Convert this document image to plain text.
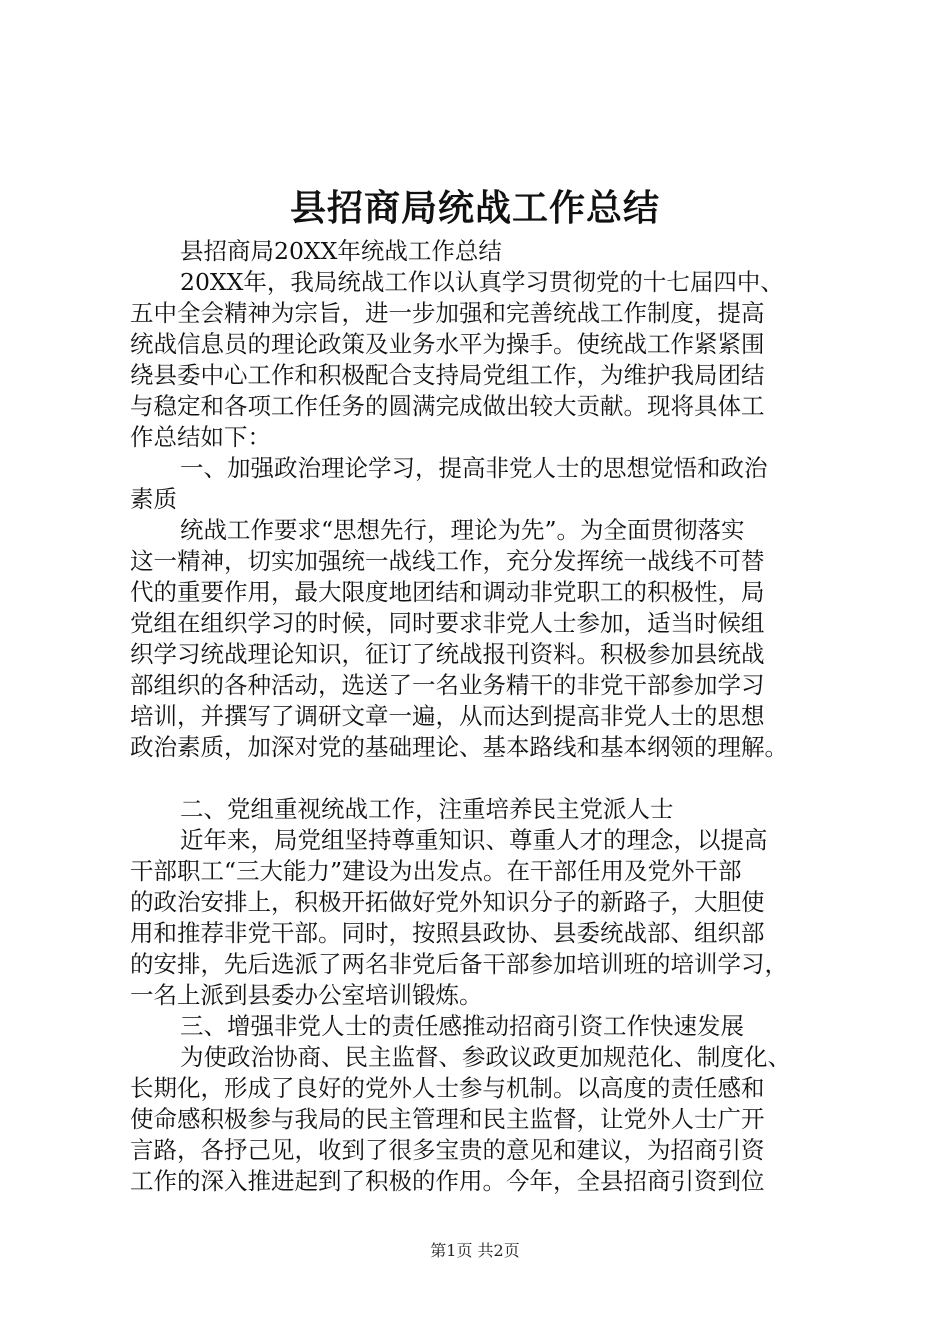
县招商局统战工作总结
县招商局20XX年统战工作总结
20XX年，我局统战工作以认真学习贯彻党的十七届四中、
五中全会精神为宗旨，进一步加强和完善统战工作制度，提高
统战信息员的理论政策及业务水平为操手。使统战工作紧紧围
绕县委中心工作和积极配合支持局党组工作，为维护我局团结
与稳定和各项工作任务的圆满完成做出较大贡献。现将具体工
作总结如下：
一、加强政治理论学习，提高非党人士的思想觉悟和政治
素质
统战工作要求“思想先行，理论为先”。为全面贯彻落实
这一精神，切实加强统一战线工作，充分发挥统一战线不可替
代的重要作用，最大限度地团结和调动非党职工的积极性，局
党组在组织学习的时候，同时要求非党人士参加，适当时候组
织学习统战理论知识，征订了统战报刊资料。积极参加县统战
部组织的各种活动，选送了一名业务精干的非党干部参加学习
培训，并撰写了调研文章一遍，从而达到提高非党人士的思想
政治素质，加深对党的基础理论、基本路线和基本纲领的理解。
二、党组重视统战工作，注重培养民主党派人士
近年来，局党组坚持尊重知识、尊重人才的理念，以提高
干部职工“三大能力”建设为出发点。在干部任用及党外干部
的政治安排上，积极开拓做好党外知识分子的新路子，大胆使
用和推荐非党干部。同时，按照县政协、县委统战部、组织部
的安排，先后选派了两名非党后备干部参加培训班的培训学习，
一名上派到县委办公室培训锻炼。
三、增强非党人士的责任感推动招商引资工作快速发展
为使政治协商、民主监督、参政议政更加规范化、制度化、
长期化，形成了良好的党外人士参与机制。以高度的责任感和
使命感积极参与我局的民主管理和民主监督，让党外人士广开
言路，各抒己见，收到了很多宝贵的意见和建议，为招商引资
工作的深入推进起到了积极的作用。今年，全县招商引资到位
第1页 共2页
